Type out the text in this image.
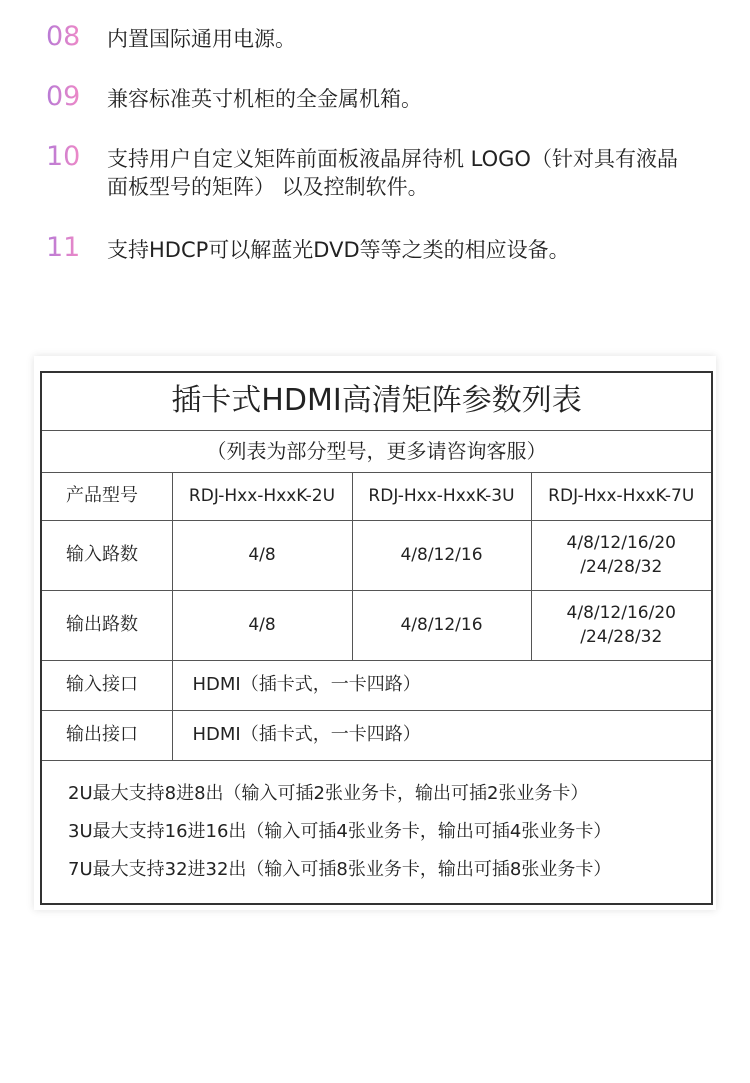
08 内置国际通用电源。
09 兼容标准英寸机柜的全金属机箱。
10 支持用户自定义矩阵前面板液晶屏待机 LOGO（针对具有液晶面板型号的矩阵） 以及控制软件。
11 支持HDCP可以解蓝光DVD等等之类的相应设备。
插卡式HDMI高清矩阵参数列表			
（列表为部分型号，更多请咨询客服）			
产品型号	RDJ-Hxx-HxxK-2U	RDJ-Hxx-HxxK-3U	RDJ-Hxx-HxxK-7U
输入路数	4/8	4/8/12/16	4/8/12/16/20
/24/28/32

输出路数	4/8	4/8/12/16	4/8/12/16/20
/24/28/32

输入接口	HDMI（插卡式，一卡四路）		
输出接口	HDMI（插卡式，一卡四路）		

2U最大支持8进8出（输入可插2张业务卡，输出可插2张业务卡）
3U最大支持16进16出（输入可插4张业务卡，输出可插4张业务卡）
7U最大支持32进32出（输入可插8张业务卡，输出可插8张业务卡）			
